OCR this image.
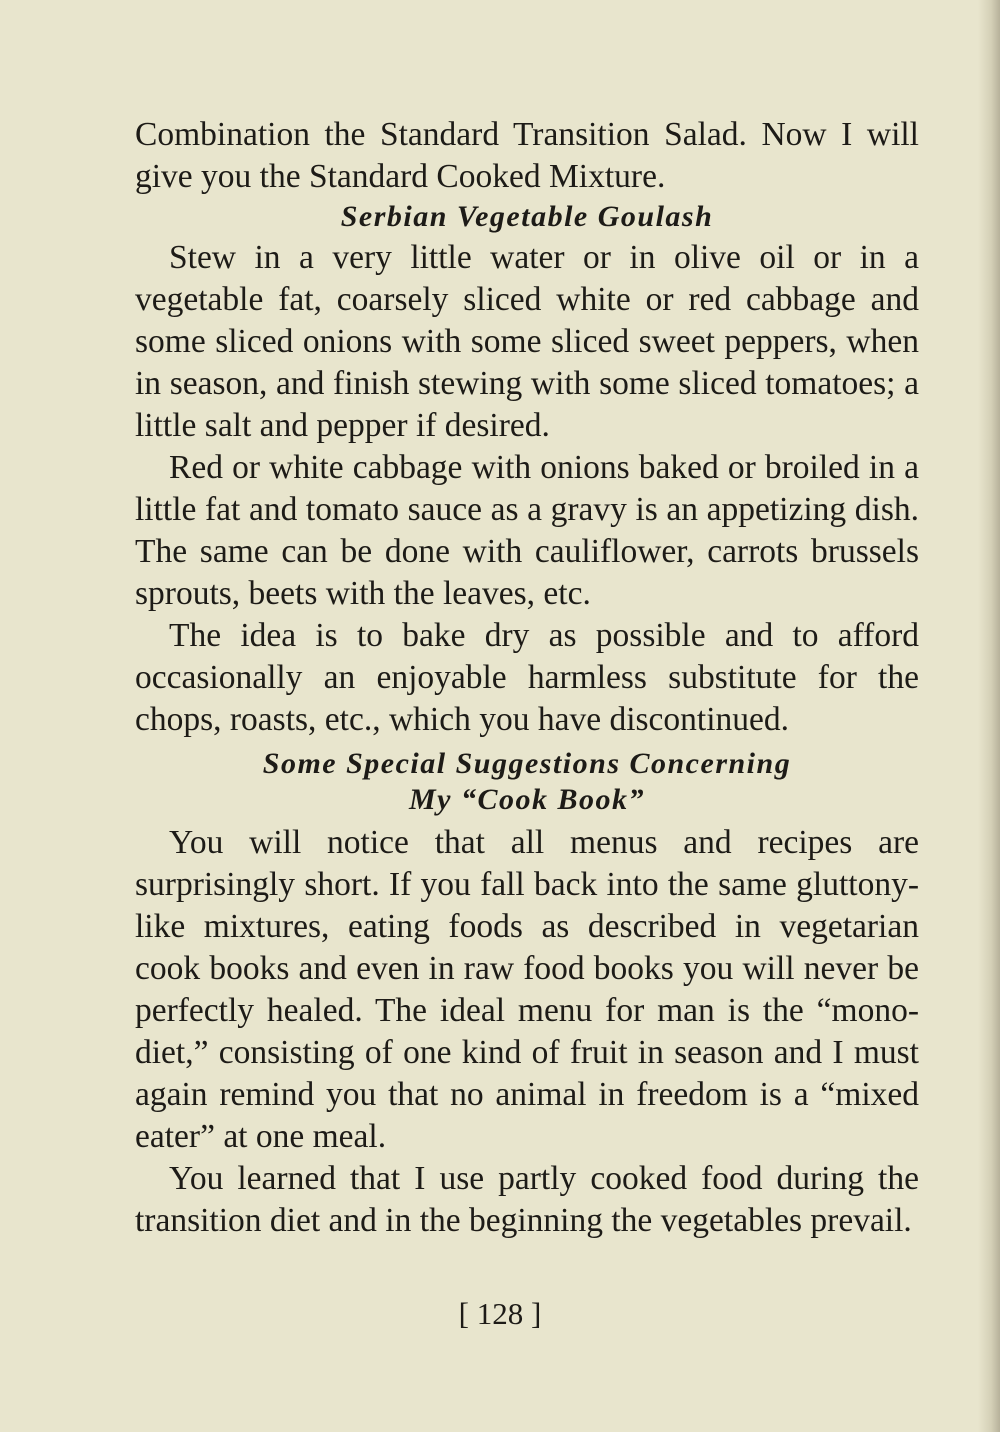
Combination the Standard Transition Salad. Now I will give you the Standard Cooked Mixture.

Serbian Vegetable Goulash

Stew in a very little water or in olive oil or in a vegetable fat, coarsely sliced white or red cabbage and some sliced onions with some sliced sweet peppers, when in season, and finish stewing with some sliced tomatoes; a little salt and pepper if desired.

Red or white cabbage with onions baked or broiled in a little fat and tomato sauce as a gravy is an appetizing dish. The same can be done with cauliflower, carrots brussels sprouts, beets with the leaves, etc.

The idea is to bake dry as possible and to afford occasionally an enjoyable harmless substitute for the chops, roasts, etc., which you have discontinued.

Some Special Suggestions Concerning
My “Cook Book”

You will notice that all menus and recipes are surprisingly short. If you fall back into the same gluttony-like mixtures, eating foods as described in vegetarian cook books and even in raw food books you will never be perfectly healed. The ideal menu for man is the “mono-diet,” consisting of one kind of fruit in season and I must again remind you that no animal in freedom is a “mixed eater” at one meal.

You learned that I use partly cooked food during the transition diet and in the beginning the vegetables prevail.

[ 128 ]
